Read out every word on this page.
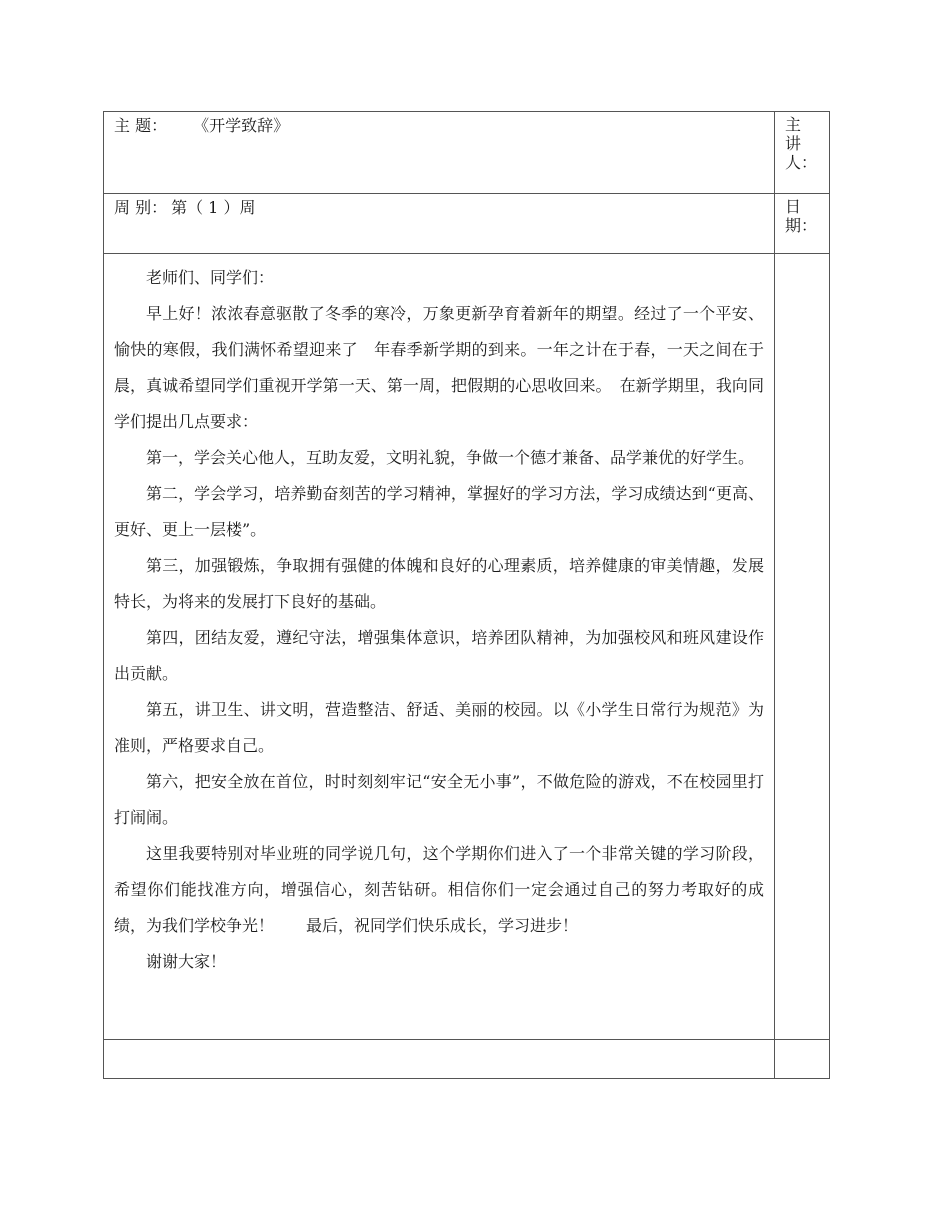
主 题： 《开学致辞》	主
讲
人：
周 别： 第（ 1 ）周	日
期：

老师们、同学们：

早上好！浓浓春意驱散了冬季的寒冷，万象更新孕育着新年的期望。经过了一个平安、愉快的寒假，我们满怀希望迎来了　年春季新学期的到来。一年之计在于春，一天之间在于晨，真诚希望同学们重视开学第一天、第一周，把假期的心思收回来。　在新学期里，我向同学们提出几点要求：

第一，学会关心他人，互助友爱，文明礼貌，争做一个德才兼备、品学兼优的好学生。

第二，学会学习，培养勤奋刻苦的学习精神，掌握好的学习方法，学习成绩达到“更高、更好、更上一层楼”。

第三，加强锻炼，争取拥有强健的体魄和良好的心理素质，培养健康的审美情趣，发展特长，为将来的发展打下良好的基础。

第四，团结友爱，遵纪守法，增强集体意识，培养团队精神，为加强校风和班风建设作出贡献。

第五，讲卫生、讲文明，营造整洁、舒适、美丽的校园。以《小学生日常行为规范》为准则，严格要求自己。

第六，把安全放在首位，时时刻刻牢记“安全无小事”，不做危险的游戏，不在校园里打打闹闹。

这里我要特别对毕业班的同学说几句，这个学期你们进入了一个非常关键的学习阶段，希望你们能找准方向，增强信心，刻苦钻研。相信你们一定会通过自己的努力考取好的成绩，为我们学校争光！　　最后，祝同学们快乐成长，学习进步！

谢谢大家！
